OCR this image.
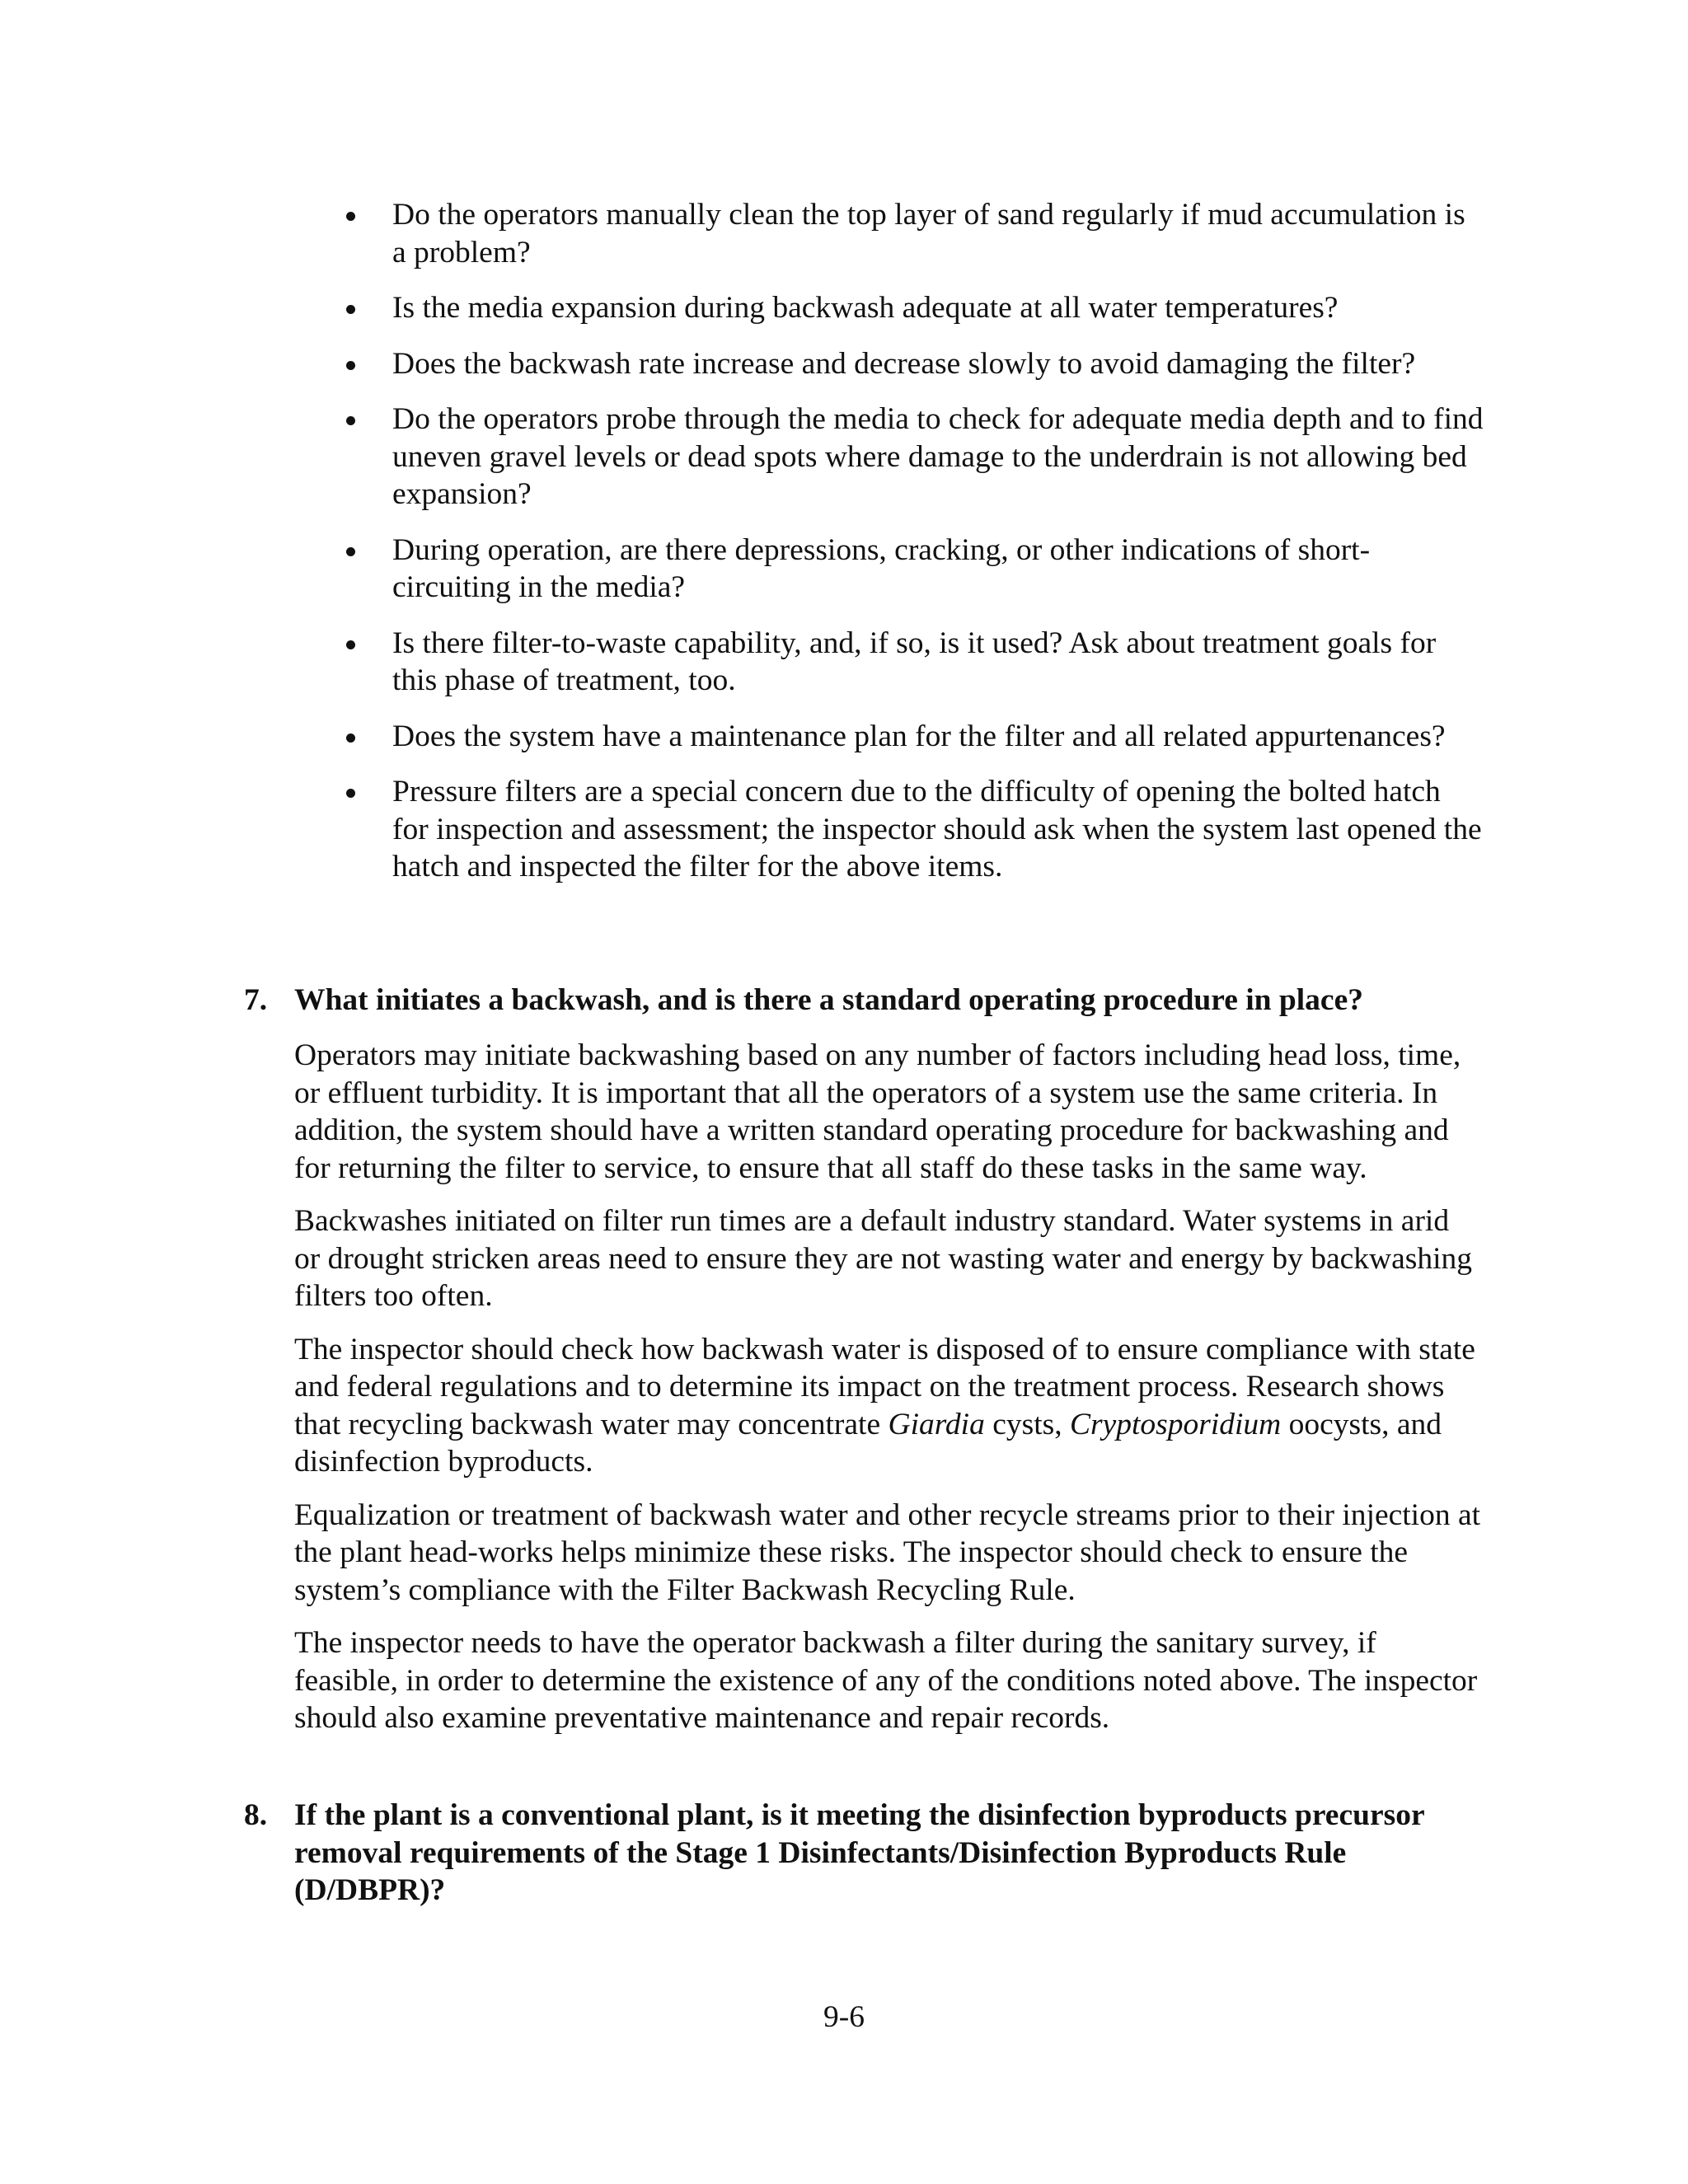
Do the operators manually clean the top layer of sand regularly if mud accumulation is a problem?
Is the media expansion during backwash adequate at all water temperatures?
Does the backwash rate increase and decrease slowly to avoid damaging the filter?
Do the operators probe through the media to check for adequate media depth and to find uneven gravel levels or dead spots where damage to the underdrain is not allowing bed expansion?
During operation, are there depressions, cracking, or other indications of short-circuiting in the media?
Is there filter-to-waste capability, and, if so, is it used? Ask about treatment goals for this phase of treatment, too.
Does the system have a maintenance plan for the filter and all related appurtenances?
Pressure filters are a special concern due to the difficulty of opening the bolted hatch for inspection and assessment; the inspector should ask when the system last opened the hatch and inspected the filter for the above items.
7. What initiates a backwash, and is there a standard operating procedure in place?

Operators may initiate backwashing based on any number of factors including head loss, time, or effluent turbidity. It is important that all the operators of a system use the same criteria. In addition, the system should have a written standard operating procedure for backwashing and for returning the filter to service, to ensure that all staff do these tasks in the same way.

Backwashes initiated on filter run times are a default industry standard. Water systems in arid or drought stricken areas need to ensure they are not wasting water and energy by backwashing filters too often.

The inspector should check how backwash water is disposed of to ensure compliance with state and federal regulations and to determine its impact on the treatment process. Research shows that recycling backwash water may concentrate Giardia cysts, Cryptosporidium oocysts, and disinfection byproducts.

Equalization or treatment of backwash water and other recycle streams prior to their injection at the plant head-works helps minimize these risks. The inspector should check to ensure the system’s compliance with the Filter Backwash Recycling Rule.

The inspector needs to have the operator backwash a filter during the sanitary survey, if feasible, in order to determine the existence of any of the conditions noted above. The inspector should also examine preventative maintenance and repair records.

8. If the plant is a conventional plant, is it meeting the disinfection byproducts precursor removal requirements of the Stage 1 Disinfectants/Disinfection Byproducts Rule (D/DBPR)?
9-6
